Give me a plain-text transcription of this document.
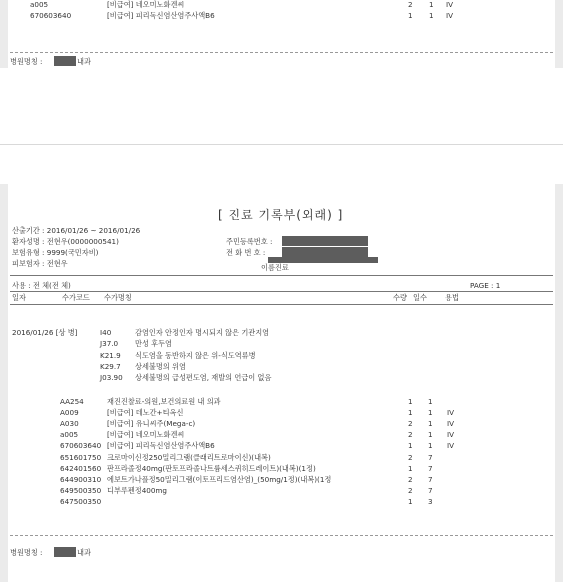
a005	[비급여] 네오미노화겐씨	2 1 IV
670603640	[비급여] 피리독신염산염주사액B6	1 1 IV
병원명칭 :	내과
[ 진료 기록부(외래) ]
산출기간 : 2016/01/26 ~ 2016/01/26
환자성명 : 전현우(0000000541)
보험유형 : 9999(국민자비)
피보험자 : 전현우
주민등록번호 :
전 화 번 호 :
이름진료
사용 : 전 체(전 체)	PAGE : 1
일자	수가코드 수가명칭	수량 일수	용법
2016/01/26 [상 병]	I40	감염인자 안정인자 명시되지 않은 기관지염
J37.0 만성 후두염
K21.9 식도염을 동반하지 않은 위-식도역류병
K29.7 상세불명의 위염
J03.90 상세불명의 급성편도염, 재발의 언급이 없음
AA254	재진진찰료-의원,보건의료원 내 의과	1 1
A009	[비급여] 데노간+티옥신	1 1 IV
A030	[비급여] 유니씨주(Mega-c)	2 1 IV
a005	[비급여] 네오미노화겐씨	2 1 IV
670603640 [비급여] 피리독신염산염주사액B6	1 1 IV
651601750 크로마이신정250밀리그램(클래리트로마이신)(내복)	2 7
642401560 판프라졸정40mg(판토프라졸나트륨세스퀴히드레이트)(내복)(1정)	1 7
644900310 에보트가나플정50밀리그램(이토프리드염산염)_(50mg/1정)(내복)(1정	2 7
649500350 디부루펜정400mg	2 7
647500350	1 3
병원명칭 :	내과
